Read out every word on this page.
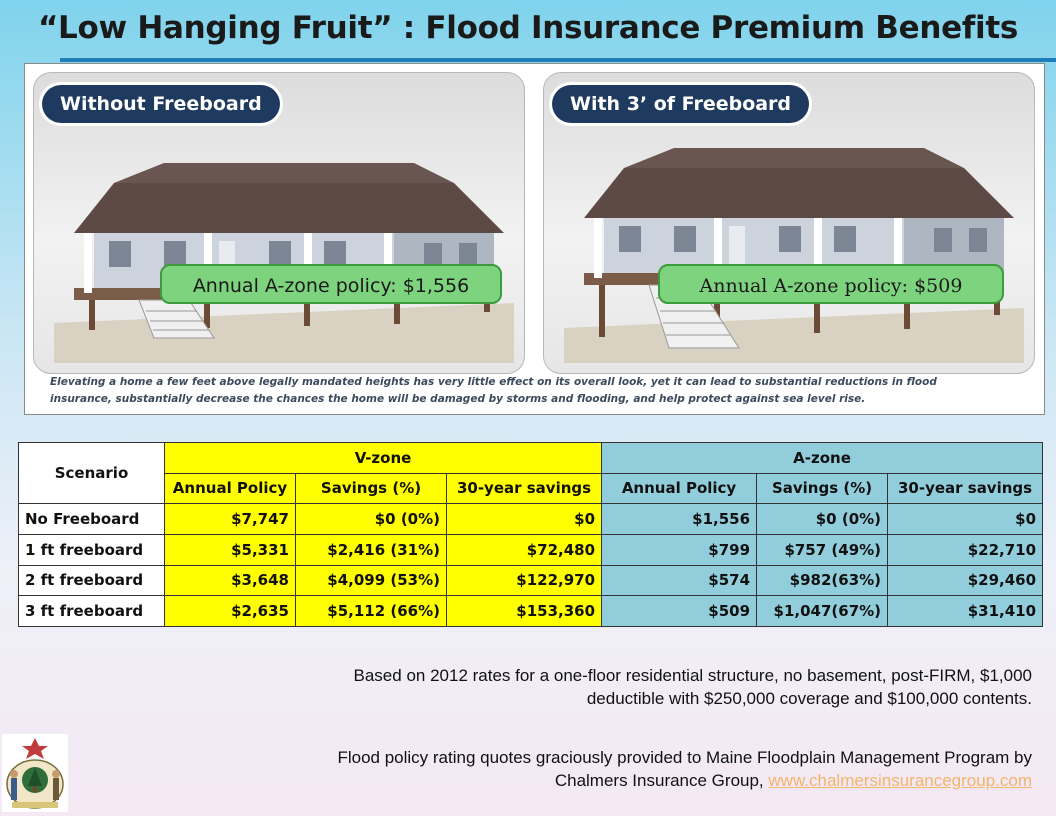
“Low Hanging Fruit” : Flood Insurance Premium Benefits
Without Freeboard	With 3’ of Freeboard
Elevating a home a few feet above legally mandated heights has very little effect on its overall look, yet it can lead to substantial reductions in flood
insurance, substantially decrease the chances the home will be damaged by storms and flooding, and help protect against sea level rise.
Annual A-zone policy: $1,556	Annual A-zone policy: $509
Scenario	V-zone			A-zone		
	Annual Policy	Savings (%)	30-year savings	Annual Policy	Savings (%)	30-year savings
No Freeboard	$7,747	$0 (0%)	$0	$1,556	$0 (0%)	$0
1 ft freeboard	$5,331	$2,416 (31%)	$72,480	$799	$757 (49%)	$22,710
2 ft freeboard	$3,648	$4,099 (53%)	$122,970	$574	$982(63%)	$29,460
3 ft freeboard	$2,635	$5,112 (66%)	$153,360	$509	$1,047(67%)	$31,410
Based on 2012 rates for a one-floor residential structure, no basement, post-FIRM, $1,000
deductible with $250,000 coverage and $100,000 contents.
Flood policy rating quotes graciously provided to Maine Floodplain Management Program by
Chalmers Insurance Group, www.chalmersinsurancegroup.com
